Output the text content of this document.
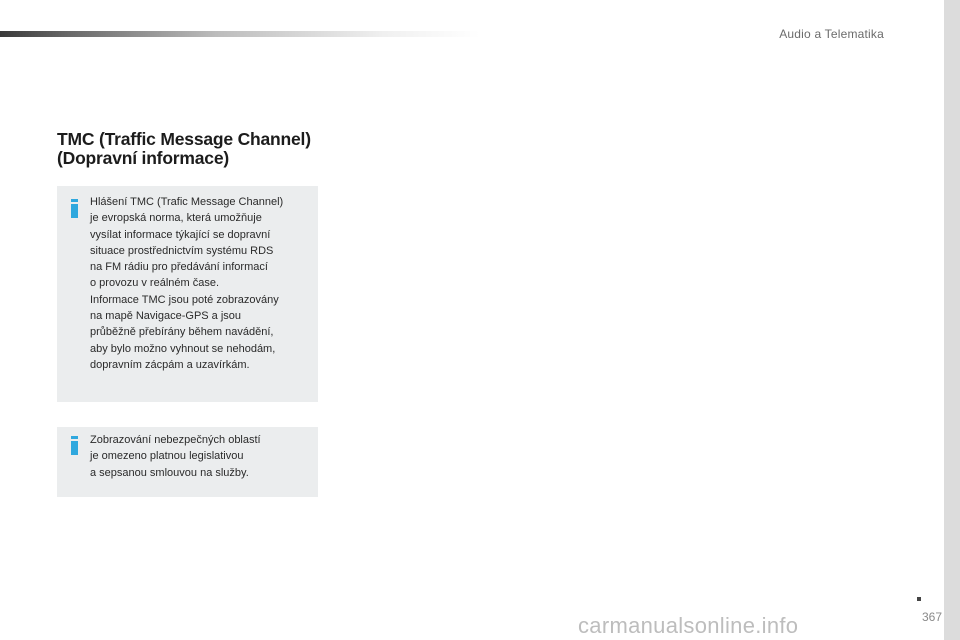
Audio a Telematika
TMC (Traffic Message Channel) (Dopravní informace)
Hlášení TMC (Trafic Message Channel)
je evropská norma, která umožňuje
vysílat informace týkající se dopravní
situace prostřednictvím systému RDS
na FM rádiu pro předávání informací
o provozu v reálném čase.
Informace TMC jsou poté zobrazovány
na mapě Navigace-GPS a jsou
průběžně přebírány během navádění,
aby bylo možno vyhnout se nehodám,
dopravním zácpám a uzavírkám.
Zobrazování nebezpečných oblastí
je omezeno platnou legislativou
a sepsanou smlouvou na služby.
carmanualsonline.info	367
